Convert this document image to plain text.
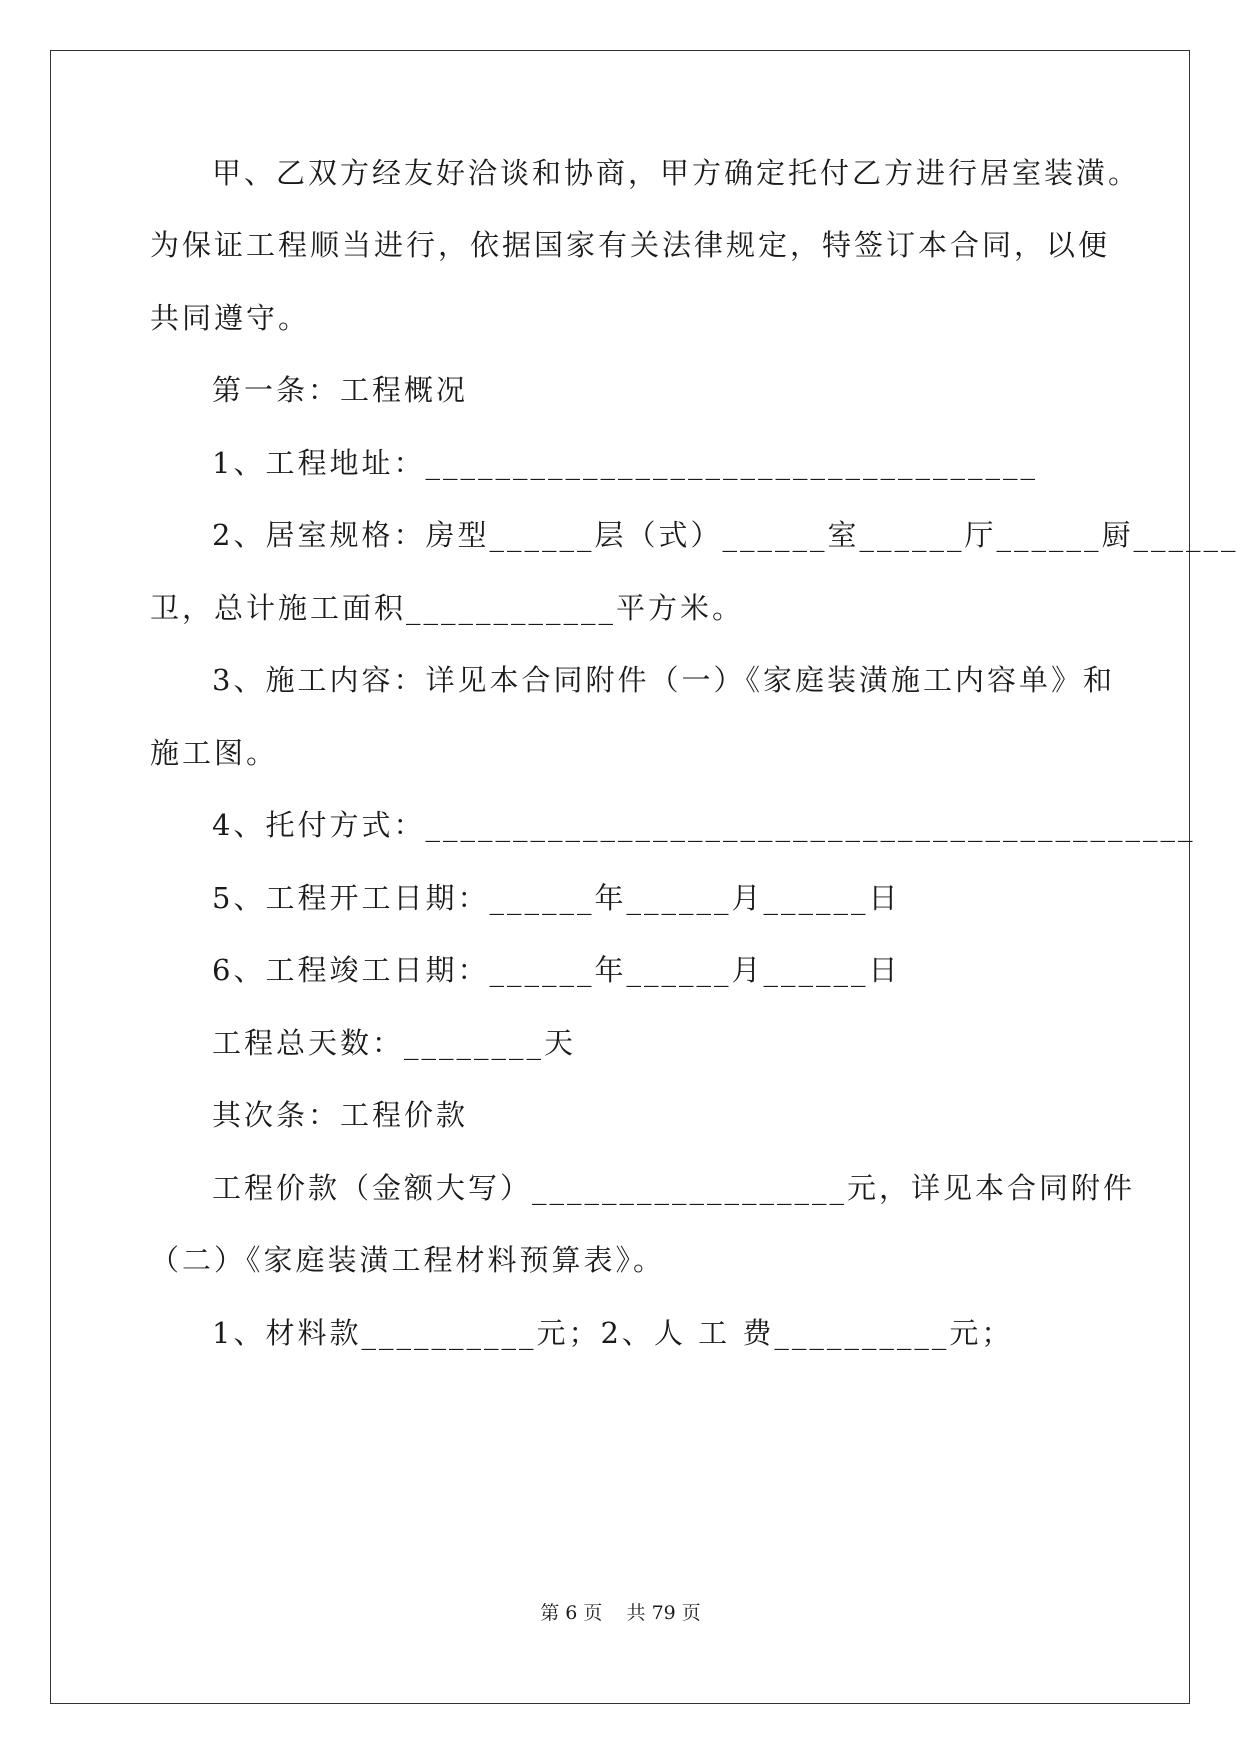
甲、乙双方经友好洽谈和协商，甲方确定托付乙方进行居室装潢。
为保证工程顺当进行，依据国家有关法律规定，特签订本合同，以便
共同遵守。
第一条：工程概况
1、工程地址：___________________________________
2、居室规格：房型______层（式）______室______厅______厨______
卫，总计施工面积____________平方米。
3、施工内容：详见本合同附件（一）《家庭装潢施工内容单》和
施工图。
4、托付方式：____________________________________________
5、工程开工日期：______年______月______日
6、工程竣工日期：______年______月______日
工程总天数：________天
其次条：工程价款
工程价款（金额大写）__________________元，详见本合同附件
（二）《家庭装潢工程材料预算表》。
1、材料款__________元；2、人 工 费__________元；
第 6 页    共 79 页
